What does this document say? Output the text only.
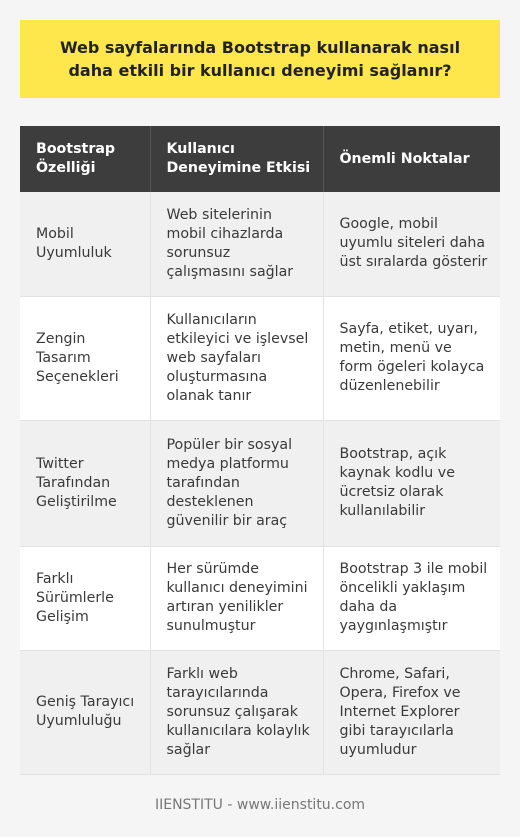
Web sayfalarında Bootstrap kullanarak nasıl daha etkili bir kullanıcı deneyimi sağlanır?
Bootstrap Özelliği	Kullanıcı Deneyimine Etkisi	Önemli Noktalar
Mobil Uyumluluk	Web sitelerinin mobil cihazlarda sorunsuz çalışmasını sağlar	Google, mobil uyumlu siteleri daha üst sıralarda gösterir
Zengin Tasarım Seçenekleri	Kullanıcıların etkileyici ve işlevsel web sayfaları oluşturmasına olanak tanır	Sayfa, etiket, uyarı, metin, menü ve form ögeleri kolayca düzenlenebilir
Twitter Tarafından Geliştirilme	Popüler bir sosyal medya platformu tarafından desteklenen güvenilir bir araç	Bootstrap, açık kaynak kodlu ve ücretsiz olarak kullanılabilir
Farklı Sürümlerle Gelişim	Her sürümde kullanıcı deneyimini artıran yenilikler sunulmuştur	Bootstrap 3 ile mobil öncelikli yaklaşım daha da yaygınlaşmıştır
Geniş Tarayıcı Uyumluluğu	Farklı web tarayıcılarında sorunsuz çalışarak kullanıcılara kolaylık sağlar	Chrome, Safari, Opera, Firefox ve Internet Explorer gibi tarayıcılarla uyumludur
IIENSTITU - www.iienstitu.com
